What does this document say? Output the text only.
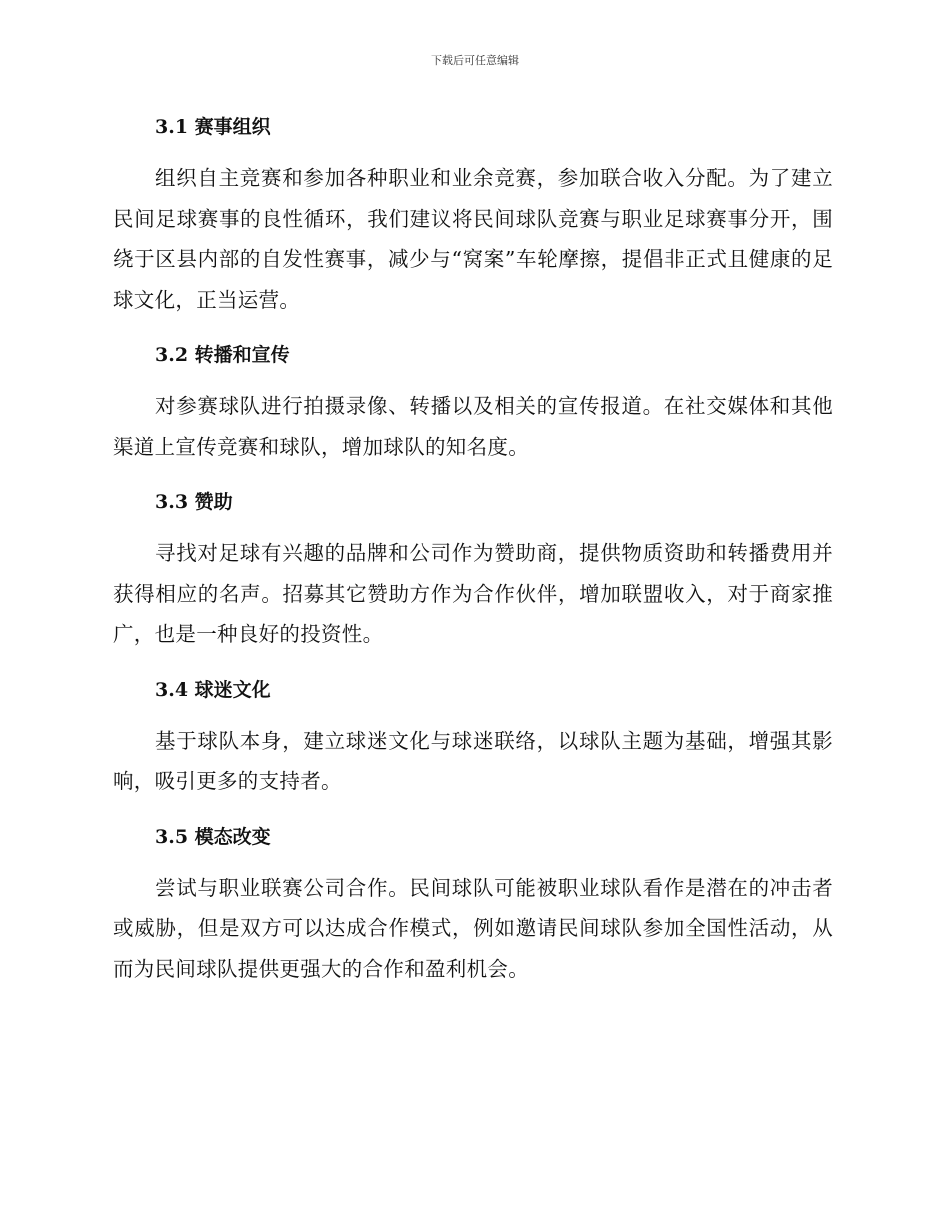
下载后可任意编辑
3.1 赛事组织

组织自主竞赛和参加各种职业和业余竞赛，参加联合收入分配。为了建立民间足球赛事的良性循环，我们建议将民间球队竞赛与职业足球赛事分开，围绕于区县内部的自发性赛事，减少与“窝案”车轮摩擦，提倡非正式且健康的足球文化，正当运营。

3.2 转播和宣传

对参赛球队进行拍摄录像、转播以及相关的宣传报道。在社交媒体和其他渠道上宣传竞赛和球队，增加球队的知名度。

3.3 赞助

寻找对足球有兴趣的品牌和公司作为赞助商，提供物质资助和转播费用并获得相应的名声。招募其它赞助方作为合作伙伴，增加联盟收入，对于商家推广，也是一种良好的投资性。

3.4 球迷文化

基于球队本身，建立球迷文化与球迷联络，以球队主题为基础，增强其影响，吸引更多的支持者。

3.5 模态改变

尝试与职业联赛公司合作。民间球队可能被职业球队看作是潜在的冲击者或威胁，但是双方可以达成合作模式，例如邀请民间球队参加全国性活动，从而为民间球队提供更强大的合作和盈利机会。
